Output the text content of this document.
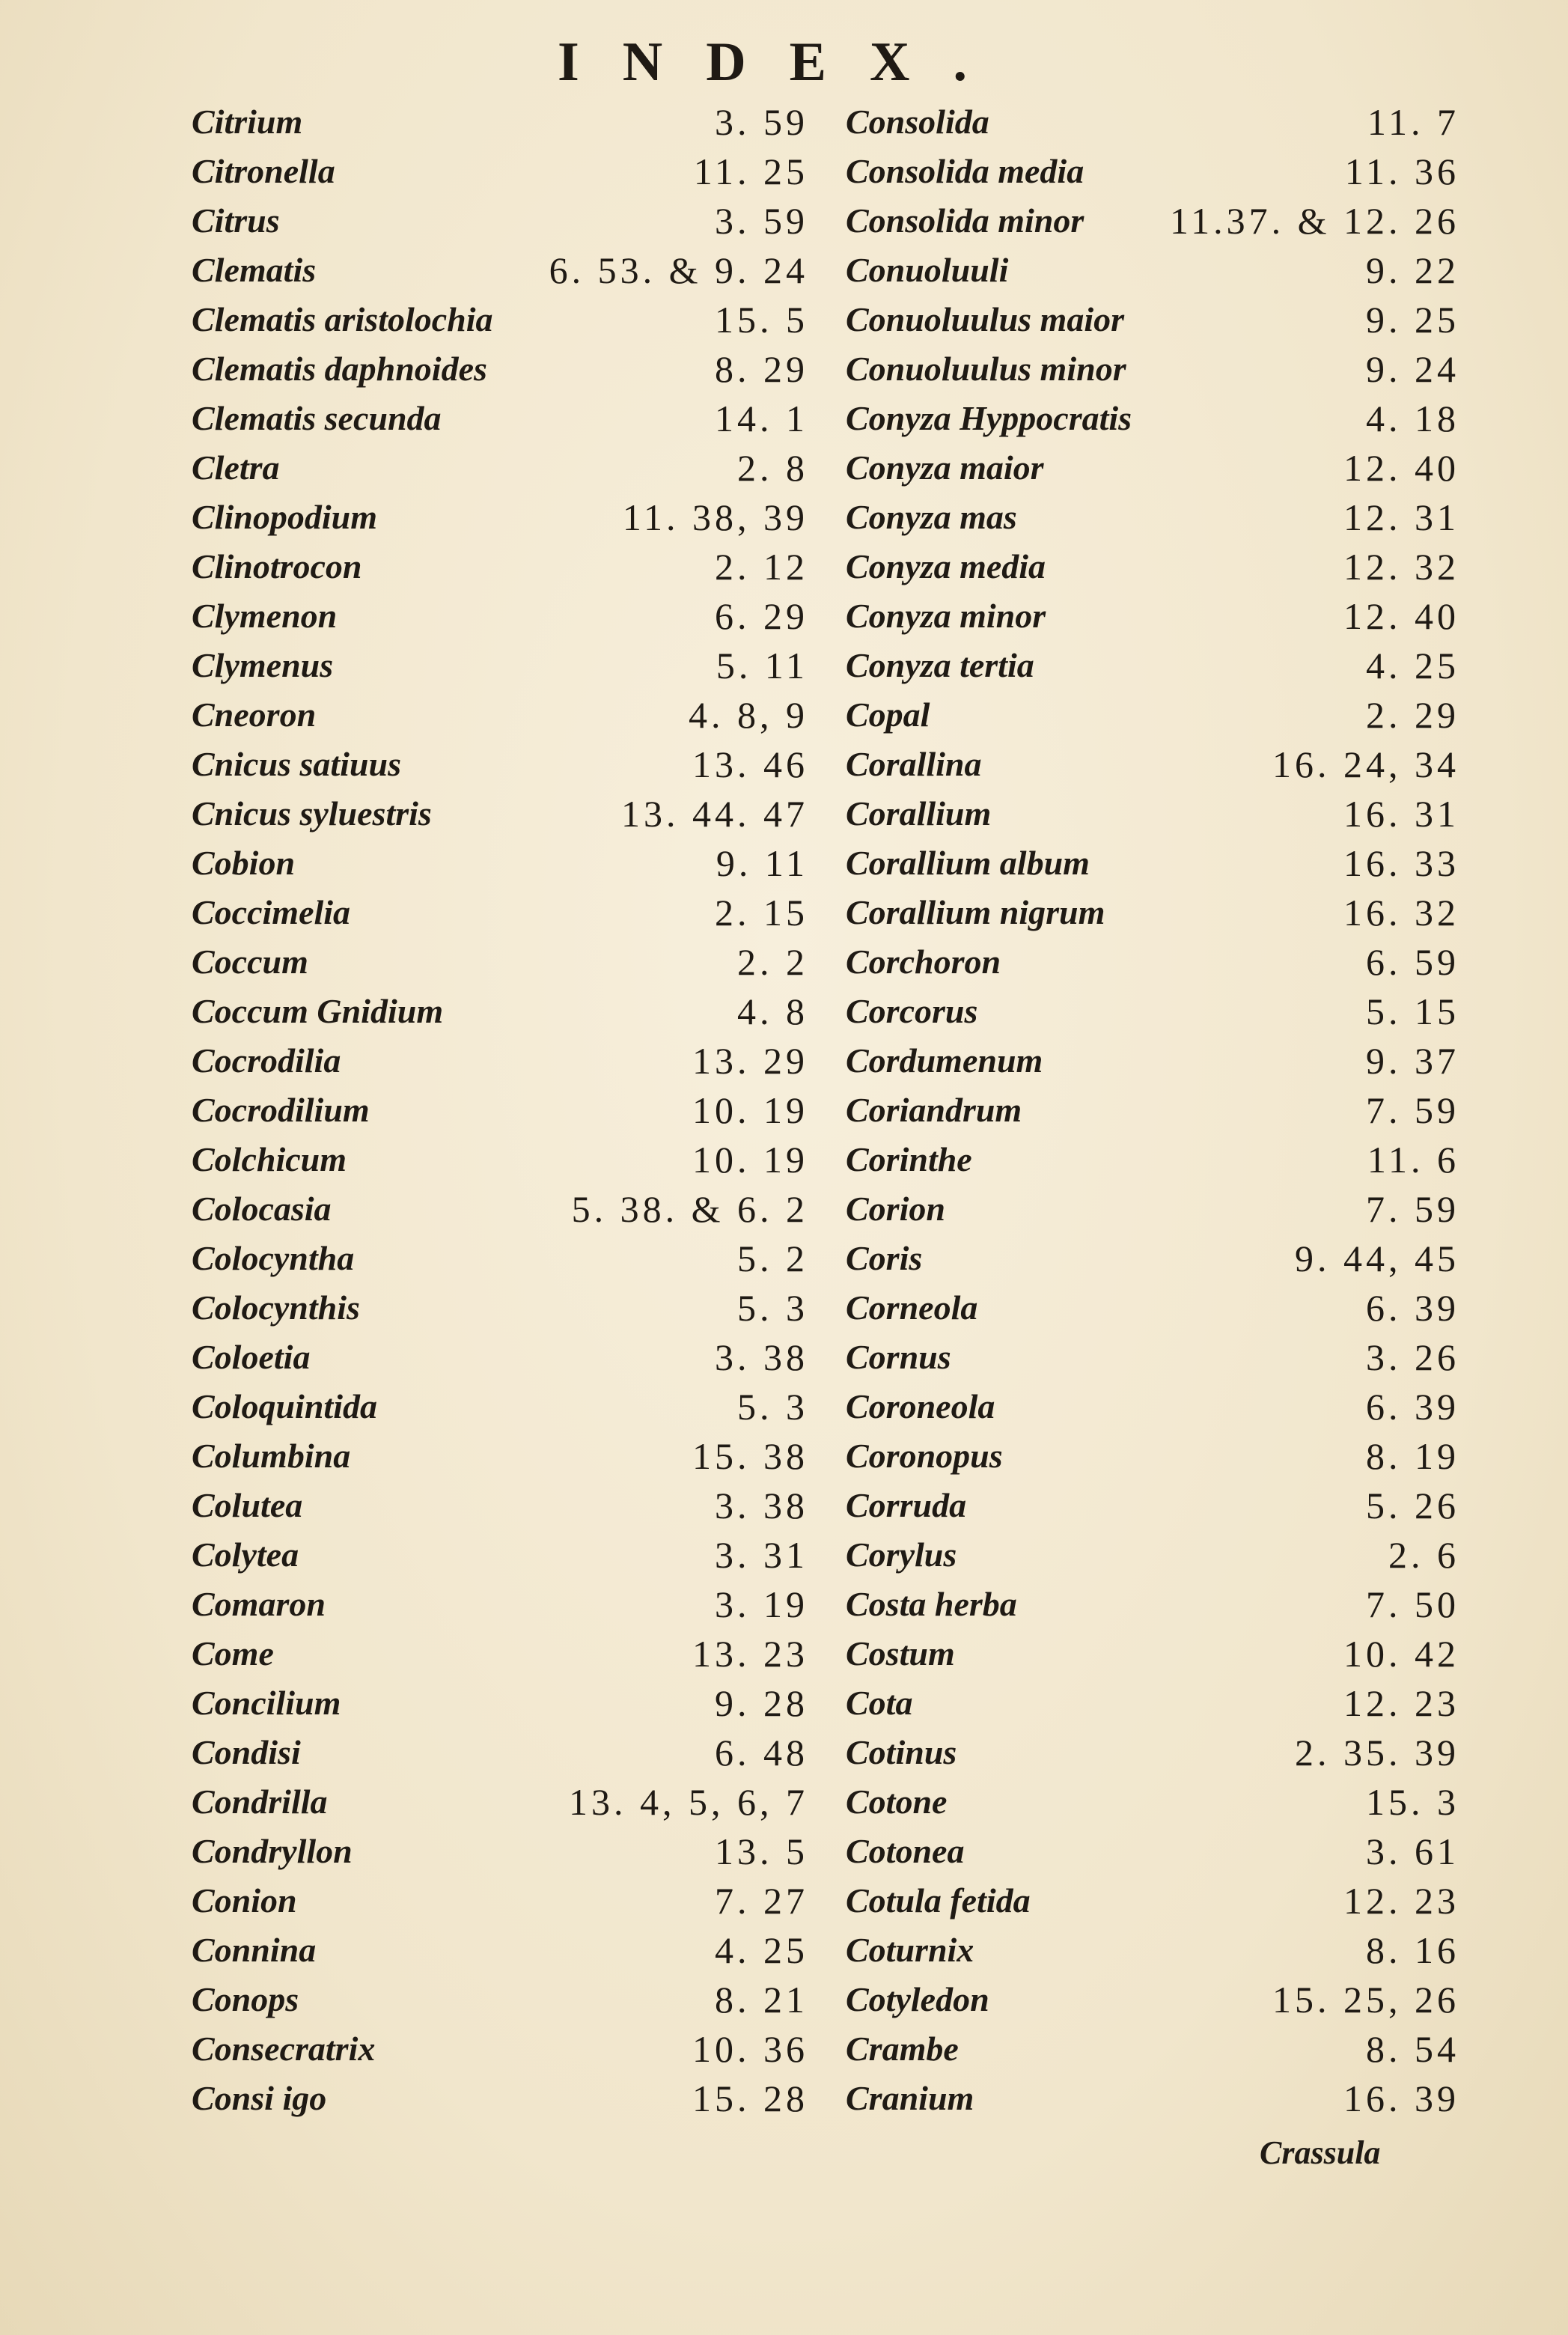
INDEX.
Citrium	3. 59
Citronella	11. 25
Citrus	3. 59
Clematis	6. 53. & 9. 24
Clematis aristolochia	15. 5
Clematis daphnoides	8. 29
Clematis secunda	14. 1
Cletra	2. 8
Clinopodium	11. 38, 39
Clinotrocon	2. 12
Clymenon	6. 29
Clymenus	5. 11
Cneoron	4. 8, 9
Cnicus satiuus	13. 46
Cnicus syluestris	13. 44. 47
Cobion	9. 11
Coccimelia	2. 15
Coccum	2. 2
Coccum Gnidium	4. 8
Cocrodilia	13. 29
Cocrodilium	10. 19
Colchicum	10. 19
Colocasia	5. 38. & 6. 2
Colocyntha	5. 2
Colocynthis	5. 3
Coloetia	3. 38
Coloquintida	5. 3
Columbina	15. 38
Colutea	3. 38
Colytea	3. 31
Comaron	3. 19
Come	13. 23
Concilium	9. 28
Condisi	6. 48
Condrilla	13. 4, 5, 6, 7
Condryllon	13. 5
Conion	7. 27
Connina	4. 25
Conops	8. 21
Consecratrix	10. 36
Consi igo	15. 28
Consolida	11. 7
Consolida media	11. 36
Consolida minor 11.37. & 12. 26
Conuoluuli	9. 22
Conuoluulus maior	9. 25
Conuoluulus minor	9. 24
Conyza Hyppocratis	4. 18
Conyza maior	12. 40
Conyza mas	12. 31
Conyza media	12. 32
Conyza minor	12. 40
Conyza tertia	4. 25
Copal	2. 29
Corallina	16. 24, 34
Corallium	16. 31
Corallium album	16. 33
Corallium nigrum	16. 32
Corchoron	6. 59
Corcorus	5. 15
Cordumenum	9. 37
Coriandrum	7. 59
Corinthe	11. 6
Corion	7. 59
Coris	9. 44, 45
Corneola	6. 39
Cornus	3. 26
Coroneola	6. 39
Coronopus	8. 19
Corruda	5. 26
Corylus	2. 6
Costa herba	7. 50
Costum	10. 42
Cota	12. 23
Cotinus	2. 35. 39
Cotone	15. 3
Cotonea	3. 61
Cotula fetida	12. 23
Coturnix	8. 16
Cotyledon	15. 25, 26
Crambe	8. 54
Cranium	16. 39
Crassula
